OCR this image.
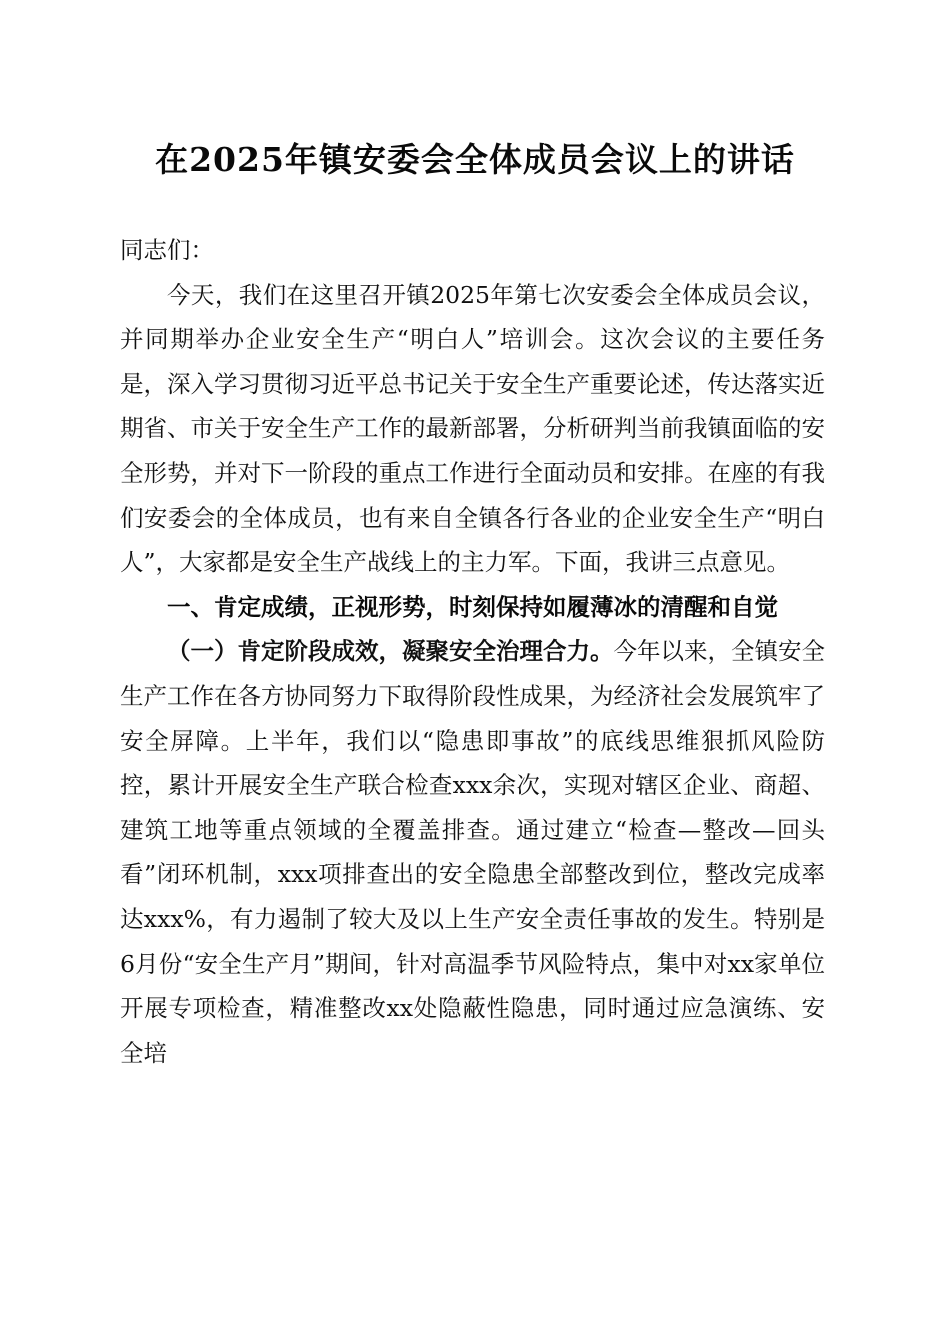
在2025年镇安委会全体成员会议上的讲话

同志们：

今天，我们在这里召开镇2025年第七次安委会全体成员会议，并同期举办企业安全生产“明白人”培训会。这次会议的主要任务是，深入学习贯彻习近平总书记关于安全生产重要论述，传达落实近期省、市关于安全生产工作的最新部署，分析研判当前我镇面临的安全形势，并对下一阶段的重点工作进行全面动员和安排。在座的有我们安委会的全体成员，也有来自全镇各行各业的企业安全生产“明白人”，大家都是安全生产战线上的主力军。下面，我讲三点意见。

一、肯定成绩，正视形势，时刻保持如履薄冰的清醒和自觉

（一）肯定阶段成效，凝聚安全治理合力。今年以来，全镇安全生产工作在各方协同努力下取得阶段性成果，为经济社会发展筑牢了安全屏障。上半年，我们以“隐患即事故”的底线思维狠抓风险防控，累计开展安全生产联合检查xxx余次，实现对辖区企业、商超、建筑工地等重点领域的全覆盖排查。通过建立“检查—整改—回头看”闭环机制，xxx项排查出的安全隐患全部整改到位，整改完成率达xxx%，有力遏制了较大及以上生产安全责任事故的发生。特别是6月份“安全生产月”期间，针对高温季节风险特点，集中对xx家单位开展专项检查，精准整改xx处隐蔽性隐患，同时通过应急演练、安全培
